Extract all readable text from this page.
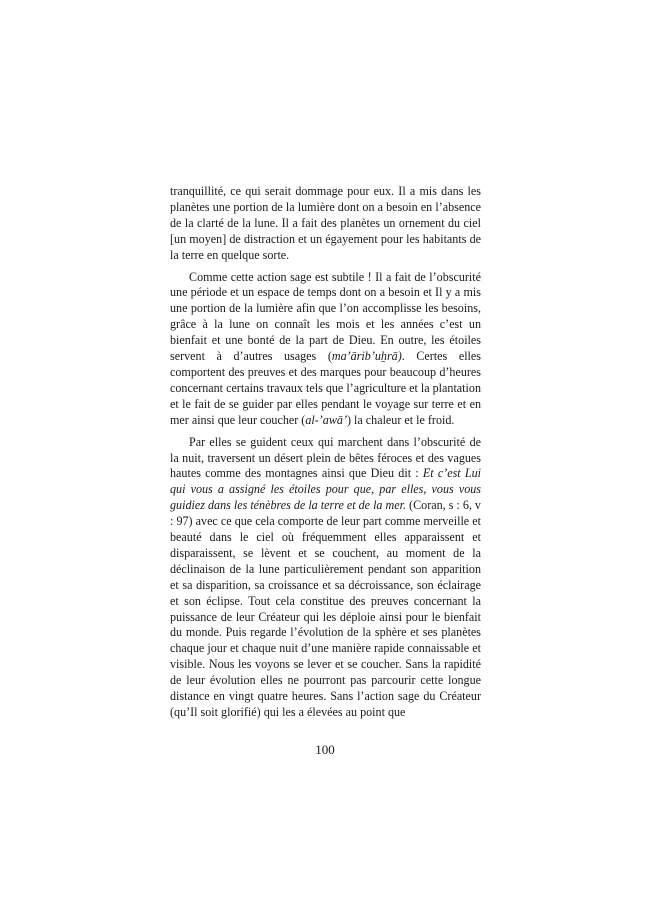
tranquillité, ce qui serait dommage pour eux. Il a mis dans les planètes une portion de la lumière dont on a besoin en l’absence de la clarté de la lune. Il a fait des planètes un ornement du ciel [un moyen] de distraction et un égayement pour les habitants de la terre en quelque sorte.

Comme cette action sage est subtile ! Il a fait de l’obscurité une période et un espace de temps dont on a besoin et Il y a mis une portion de la lumière afin que l’on accomplisse les besoins, grâce à la lune on connaît les mois et les années c’est un bienfait et une bonté de la part de Dieu. En outre, les étoiles servent à d’autres usages (ma’ārib’uẖrā). Certes elles comportent des preuves et des marques pour beaucoup d’heures concernant certains travaux tels que l’agriculture et la plantation et le fait de se guider par elles pendant le voyage sur terre et en mer ainsi que leur coucher (al-’awā’) la chaleur et le froid.

Par elles se guident ceux qui marchent dans l’obscurité de la nuit, traversent un désert plein de bêtes féroces et des vagues hautes comme des montagnes ainsi que Dieu dit : Et c’est Lui qui vous a assigné les étoiles pour que, par elles, vous vous guidiez dans les ténèbres de la terre et de la mer. (Coran, s : 6, v : 97) avec ce que cela comporte de leur part comme merveille et beauté dans le ciel où fréquemment elles apparaissent et disparaissent, se lèvent et se couchent, au moment de la déclinaison de la lune particulièrement pendant son apparition et sa disparition, sa croissance et sa décroissance, son éclairage et son éclipse. Tout cela constitue des preuves concernant la puissance de leur Créateur qui les déploie ainsi pour le bienfait du monde. Puis regarde l’évolution de la sphère et ses planètes chaque jour et chaque nuit d’une manière rapide connaissable et visible. Nous les voyons se lever et se coucher. Sans la rapidité de leur évolution elles ne pourront pas parcourir cette longue distance en vingt quatre heures. Sans l’action sage du Créateur (qu’Il soit glorifié) qui les a élevées au point que

100
